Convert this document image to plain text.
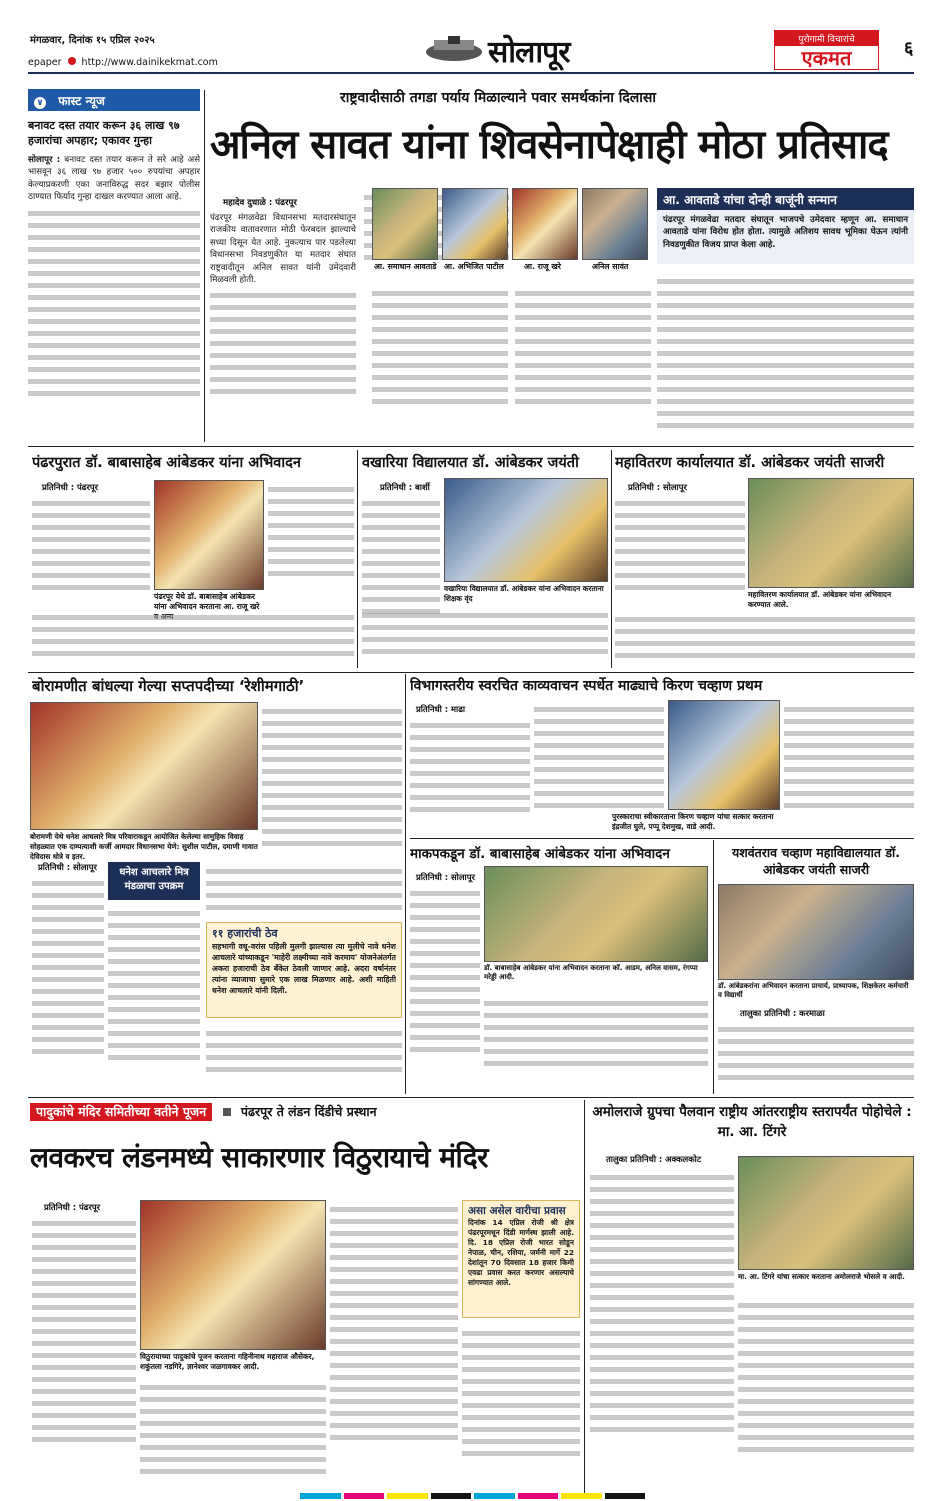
मंगळवार, दिनांक १५ एप्रिल २०२५
epaper http://www.dainikekmat.com	सोलापूर	पुरोगामी विचारांचे
एकमत	६
∨ फास्ट न्यूज
बनावट दस्त तयार करून ३६ लाख ९७ हजारांचा अपहार; एकावर गुन्हा
सोलापूर : बनावट दस्त तयार करून ते सरे आहे असे भासवून ३६ लाख ९७ हजार ५०० रुपयांचा अपहार केल्याप्रकरणी एका जनाविरुद्ध सदर बझार पोलीस ठाण्यात फिर्याद गुन्हा दाखल करण्यात आला आहे.
राष्ट्रवादीसाठी तगडा पर्याय मिळाल्याने पवार समर्थकांना दिलासा
अनिल सावत यांना शिवसेनापेक्षाही मोठा प्रतिसाद
महादेव दुधाळे : पंढरपूर
पंढरपूर मंगळवेढा विधानसभा मतदारसंघातून राजकीय वातावरणात मोठी फेरबदल झाल्याचे सध्या दिसून येत आहे. नुकत्याच पार पडलेल्या विधानसभा निवडणुकीत या मतदार संघात राष्ट्रवादीतून अनिल सावत यांनी उमेदवारी मिळवली होती.
आ. समाधान आवताडे आ. अभिजित पाटील	आ. राजू खरे	अनिल सावंत
आ. आवताडे यांचा दोन्ही बाजूंनी सन्मान
पंढरपूर मंगळवेढा मतदार संघातून भाजपचे उमेदवार म्हणून आ. समाधान आवताडे यांना विरोध होत होता. त्यामुळे अतिशय सावध भूमिका घेऊन त्यांनी निवडणुकीत विजय प्राप्त केला आहे.
पंढरपुरात डॉ. बाबासाहेब आंबेडकर यांना अभिवादन	वखारिया विद्यालयात डॉ. आंबेडकर जयंती	महावितरण कार्यालयात डॉ. आंबेडकर जयंती साजरी
प्रतिनिधी : पंढरपूर
पंढरपूर येथे डॉ. बाबासाहेब आंबेडकर यांना अभिवादन करताना आ. राजू खरे
प्रतिनिधी : बार्शी
वखारिया विद्यालयात डॉ. आंबेडकर यांना अभिवादन करताना शिक्षक वृंद
प्रतिनिधी : सोलापूर
महावितरण कार्यालयात डॉ. आंबेडकर यांना अभिवादन करण्यात आले.
बोरामणीत बांधल्या गेल्या सप्तपदीच्या ‘रेशीमगाठी’
बोरामणी येथे धनेश आचलारे मित्र परिवाराकडून आयोजित केलेल्या सामुहिक विवाह सोहळ्यात एक दाम्पत्याशी कर्जी आमदार विधानसभा येणे: सुशील पाटील, दमाणी गावात देविदास धोत्रे व इतर.
प्रतिनिधी : सोलापूर	धनेश आचलारे मित्र मंडळाचा उपक्रम
११ हजारांची ठेव
सहभागी वधू-वरांस पहिली मुलगी झाल्यास त्या मुलीचे नावे धनेश आचलारे यांच्याकडून 'माहेरी लक्ष्मीच्या नावे करमाय' योजनेअंतर्गत अकरा हजाराची ठेव बँकेत ठेवली जाणार आहे. अदरा वर्षानंतर त्यांना व्याजाचा सुमारे एक लाख मिळणार आहे. अशी माहिती धनेश आचलारे यांनी दिली.
विभागस्तरीय स्वरचित काव्यवाचन स्पर्धेत माढ्याचे किरण चव्हाण प्रथम
प्रतिनिधी : माढा
पुरस्काराचा स्वीकारताना किरण चव्हाण यांचा सत्कार करताना इंद्रजीत घुले, पप्पू देशमुख, वाडे आदी.
माकपकडून डॉ. बाबासाहेब आंबेडकर यांना अभिवादन
प्रतिनिधी : सोलापूर
डॉ. बाबासाहेब आंबेडकर यांना अभिवादन करताना कॉ. आडम, अनिल वासम, रंगप्पा मरेड्डी आदी.
यशवंतराव चव्हाण महाविद्यालयात डॉ. आंबेडकर जयंती साजरी
डॉ. आंबेडकरांना अभिवादन करताना प्राचार्य, प्राध्यापक, शिक्षकेतर कर्मचारी व विद्यार्थी
तालुका प्रतिनिधी : करमाळा
पादुकांचे मंदिर समितीच्या वतीने पूजन	पंढरपूर ते लंडन दिंडीचे प्रस्थान
लवकरच लंडनमध्ये साकारणार विठुरायाचे मंदिर
प्रतिनिधी : पंढरपूर
विठुरायाच्या पादुकांचे पूजन करताना गहिनीनाथ महाराज औसेकर, शकुंतला नडगिरे, ज्ञानेश्वर जळगावकर आदी.
असा असेल वारीचा प्रवास
दिनांक 14 एप्रिल रोजी श्री क्षेत्र पंढरपूरमधून दिंडी मार्गस्थ झाली आहे. दि. 18 एप्रिल रोजी भारत सोडून नेपाळ, चीन, रशिया, जर्मनी मार्गे 22 देशांतून 70 दिवसात 18 हजार किमी एवढा प्रवास करत करणार असल्याचे सांगण्यात आले.
अमोलराजे ग्रुपचा पैलवान राष्ट्रीय आंतरराष्ट्रीय स्तरापर्यंत पोहोचेले : मा. आ. टिंगरे
तालुका प्रतिनिधी : अक्कलकोट
मा. आ. टिंगरे यांचा सत्कार करताना अमोलराजे भोसले व आदी.
